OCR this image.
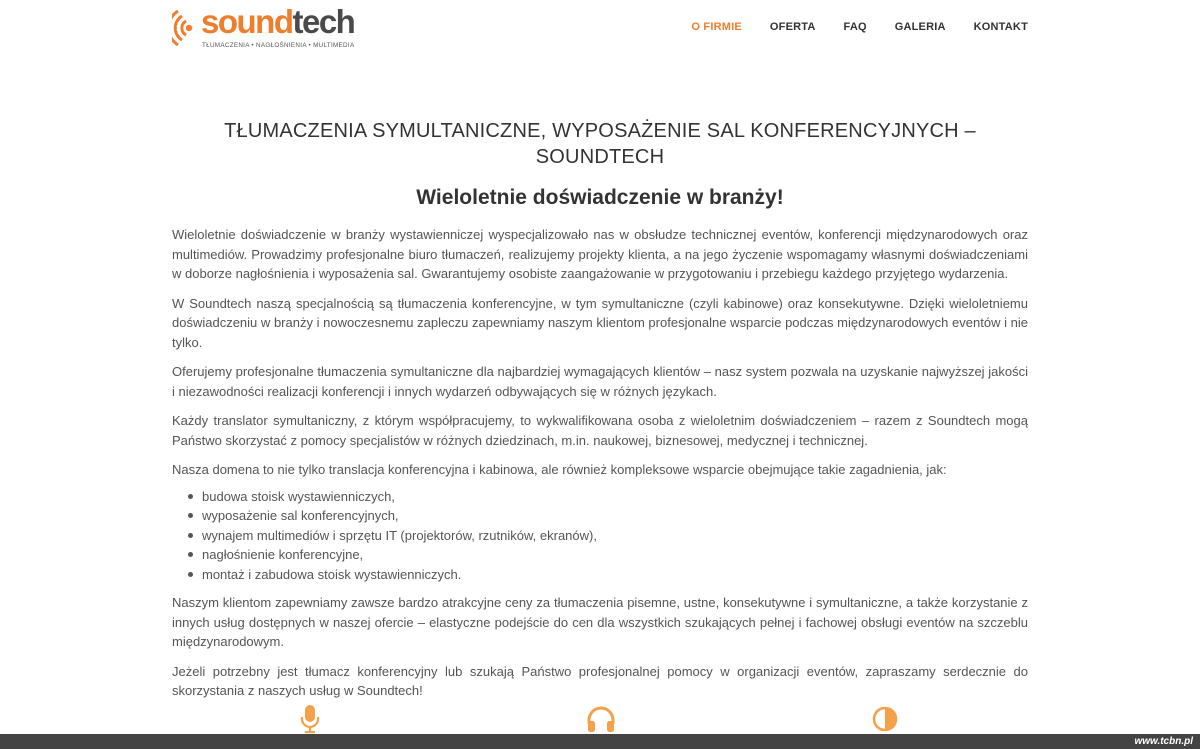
soundtech
TŁUMACZENIA • NAGŁOŚNIENIA • MULTIMEDIA
O FIRMIE	OFERTA	FAQ	GALERIA	KONTAKT
TŁUMACZENIA SYMULTANICZNE, WYPOSAŻENIE SAL KONFERENCYJNYCH – SOUNDTECH
Wieloletnie doświadczenie w branży!

Wieloletnie doświadczenie w branży wystawienniczej wyspecjalizowało nas w obsłudze technicznej eventów, konferencji międzynarodowych oraz multimediów. Prowadzimy profesjonalne biuro tłumaczeń, realizujemy projekty klienta, a na jego życzenie wspomagamy własnymi doświadczeniami w doborze nagłośnienia i wyposażenia sal. Gwarantujemy osobiste zaangażowanie w przygotowaniu i przebiegu każdego przyjętego wydarzenia.

W Soundtech naszą specjalnością są tłumaczenia konferencyjne, w tym symultaniczne (czyli kabinowe) oraz konsekutywne. Dzięki wieloletniemu doświadczeniu w branży i nowoczesnemu zapleczu zapewniamy naszym klientom profesjonalne wsparcie podczas międzynarodowych eventów i nie tylko.

Oferujemy profesjonalne tłumaczenia symultaniczne dla najbardziej wymagających klientów – nasz system pozwala na uzyskanie najwyższej jakości i niezawodności realizacji konferencji i innych wydarzeń odbywających się w różnych językach.

Każdy translator symultaniczny, z którym współpracujemy, to wykwalifikowana osoba z wieloletnim doświadczeniem – razem z Soundtech mogą Państwo skorzystać z pomocy specjalistów w różnych dziedzinach, m.in. naukowej, biznesowej, medycznej i technicznej.

Nasza domena to nie tylko translacja konferencyjna i kabinowa, ale również kompleksowe wsparcie obejmujące takie zagadnienia, jak:

budowa stoisk wystawienniczych,
wyposażenie sal konferencyjnych,
wynajem multimediów i sprzętu IT (projektorów, rzutników, ekranów),
nagłośnienie konferencyjne,
montaż i zabudowa stoisk wystawienniczych.

Naszym klientom zapewniamy zawsze bardzo atrakcyjne ceny za tłumaczenia pisemne, ustne, konsekutywne i symultaniczne, a także korzystanie z innych usług dostępnych w naszej ofercie – elastyczne podejście do cen dla wszystkich szukających pełnej i fachowej obsługi eventów na szczeblu międzynarodowym.

Jeżeli potrzebny jest tłumacz konferencyjny lub szukają Państwo profesjonalnej pomocy w organizacji eventów, zapraszamy serdecznie do skorzystania z naszych usług w Soundtech!

www.tcbn.pl
